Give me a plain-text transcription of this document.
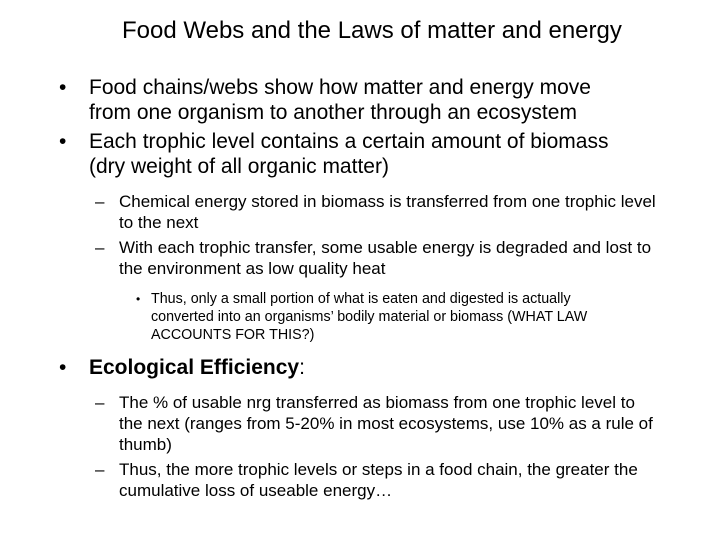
Food Webs and the Laws of matter and energy
• Food chains/webs show how matter and energy move from one organism to another through an ecosystem
• Each trophic level contains a certain amount of biomass (dry weight of all organic matter)
– Chemical energy stored in biomass is transferred from one trophic level to the next
– With each trophic transfer, some usable energy is degraded and lost to the environment as low quality heat
• Thus, only a small portion of what is eaten and digested is actually converted into an organisms’ bodily material or biomass (WHAT LAW ACCOUNTS FOR THIS?)
• Ecological Efficiency:
– The % of usable nrg transferred as biomass from one trophic level to the next (ranges from 5-20% in most ecosystems, use 10% as a rule of thumb)
– Thus, the more trophic levels or steps in a food chain, the greater the cumulative loss of useable energy…
